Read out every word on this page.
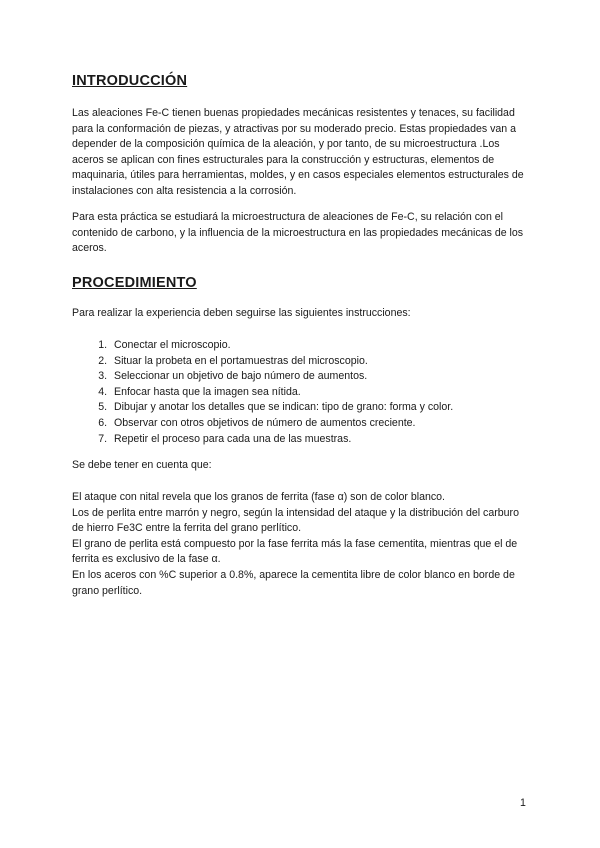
INTRODUCCIÓN

Las aleaciones Fe-C tienen buenas propiedades mecánicas resistentes y tenaces, su facilidad para la conformación de piezas, y atractivas por su moderado precio. Estas propiedades van a depender de la composición química de la aleación, y por tanto, de su microestructura .Los aceros se aplican con fines estructurales para la construcción y estructuras, elementos de maquinaria, útiles para herramientas, moldes, y en casos especiales elementos estructurales de instalaciones con alta resistencia a la corrosión.

Para esta práctica se estudiará la microestructura de aleaciones de Fe-C, su relación con el contenido de carbono, y la influencia de la microestructura en las propiedades mecánicas de los aceros.

PROCEDIMIENTO

Para realizar la experiencia deben seguirse las siguientes instrucciones:

1. Conectar el microscopio.
2. Situar la probeta en el portamuestras del microscopio.
3. Seleccionar un objetivo de bajo número de aumentos.
4. Enfocar hasta que la imagen sea nítida.
5. Dibujar y anotar los detalles que se indican: tipo de grano: forma y color.
6. Observar con otros objetivos de número de aumentos creciente.
7. Repetir el proceso para cada una de las muestras.

Se debe tener en cuenta que:

El ataque con nital revela que los granos de ferrita (fase α) son de color blanco.

Los de perlita entre marrón y negro, según la intensidad del ataque y la distribución del carburo de hierro Fe3C entre la ferrita del grano perlítico.

El grano de perlita está compuesto por la fase ferrita más la fase cementita, mientras que el de ferrita es exclusivo de la fase α.

En los aceros con %C superior a 0.8%, aparece la cementita libre de color blanco en borde de grano perlítico.

1
